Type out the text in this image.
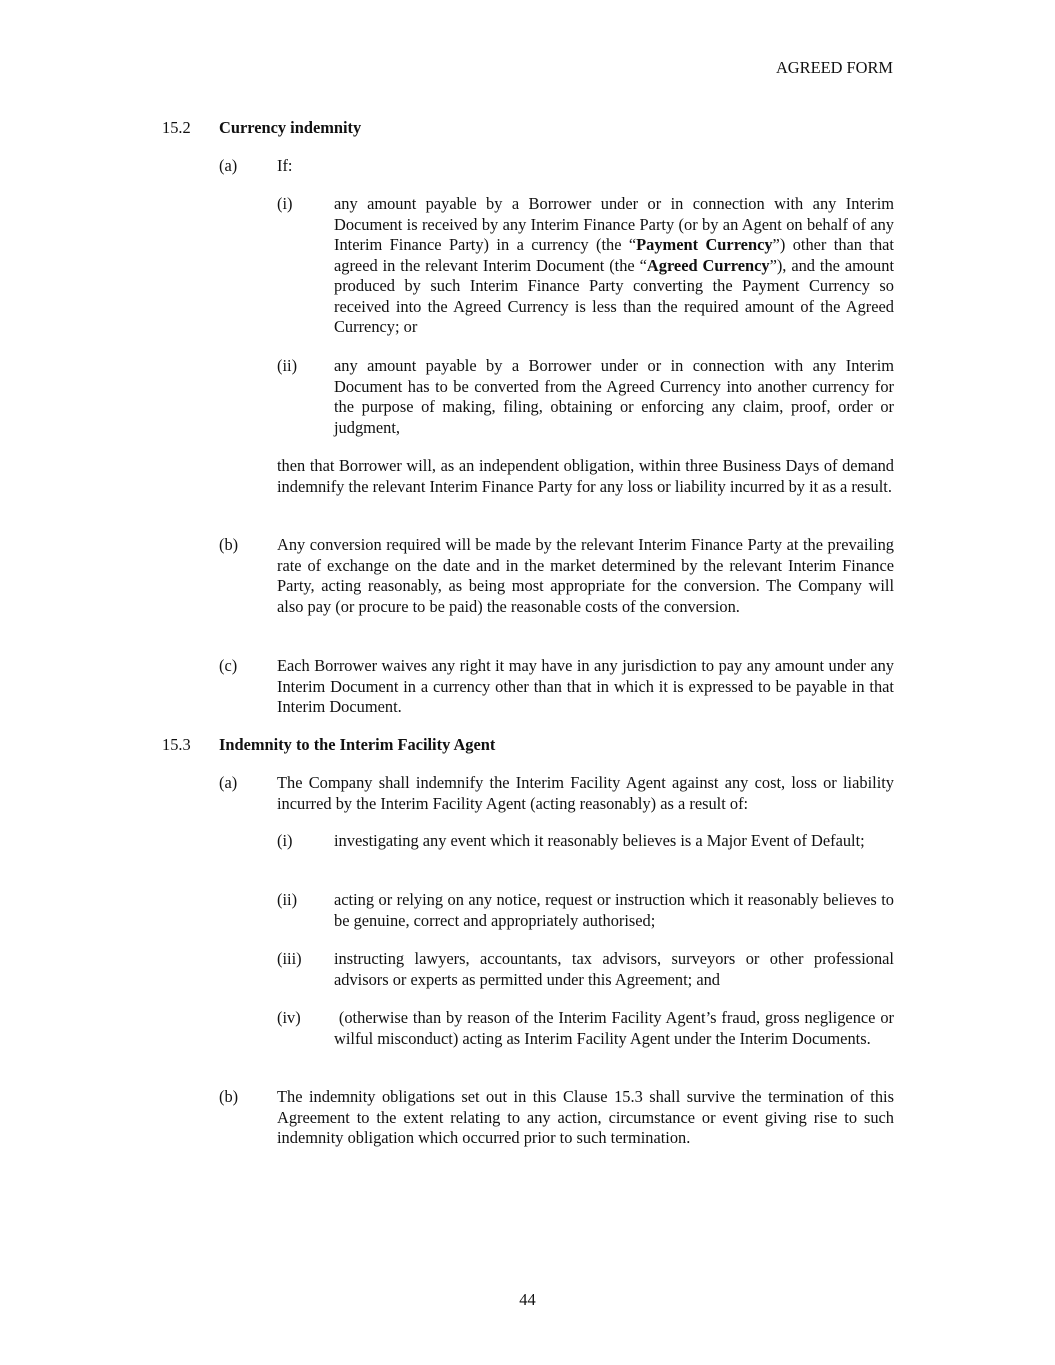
AGREED FORM
15.2 Currency indemnity
(a) If:
(i)	any amount payable by a Borrower under or in connection with any Interim Document is received by any Interim Finance Party (or by an Agent on behalf of any Interim Finance Party) in a currency (the “Payment Currency”) other than that agreed in the relevant Interim Document (the “Agreed Currency”), and the amount produced by such Interim Finance Party converting the Payment Currency so received into the Agreed Currency is less than the required amount of the Agreed Currency; or
(ii) any amount payable by a Borrower under or in connection with any Interim Document has to be converted from the Agreed Currency into another currency for the purpose of making, filing, obtaining or enforcing any claim, proof, order or judgment,
then that Borrower will, as an independent obligation, within three Business Days of demand indemnify the relevant Interim Finance Party for any loss or liability incurred by it as a result.
(b) Any conversion required will be made by the relevant Interim Finance Party at the prevailing rate of exchange on the date and in the market determined by the relevant Interim Finance Party, acting reasonably, as being most appropriate for the conversion. The Company will also pay (or procure to be paid) the reasonable costs of the conversion.
(c) Each Borrower waives any right it may have in any jurisdiction to pay any amount under any Interim Document in a currency other than that in which it is expressed to be payable in that Interim Document.
15.3 Indemnity to the Interim Facility Agent
(a) The Company shall indemnify the Interim Facility Agent against any cost, loss or liability incurred by the Interim Facility Agent (acting reasonably) as a result of:
(i)	investigating any event which it reasonably believes is a Major Event of Default;
(ii) acting or relying on any notice, request or instruction which it reasonably believes to be genuine, correct and appropriately authorised;
(iii) instructing lawyers, accountants, tax advisors, surveyors or other professional advisors or experts as permitted under this Agreement; and
(iv) (otherwise than by reason of the Interim Facility Agent’s fraud, gross negligence or wilful misconduct) acting as Interim Facility Agent under the Interim Documents.
(b) The indemnity obligations set out in this Clause 15.3 shall survive the termination of this Agreement to the extent relating to any action, circumstance or event giving rise to such indemnity obligation which occurred prior to such termination.
44
